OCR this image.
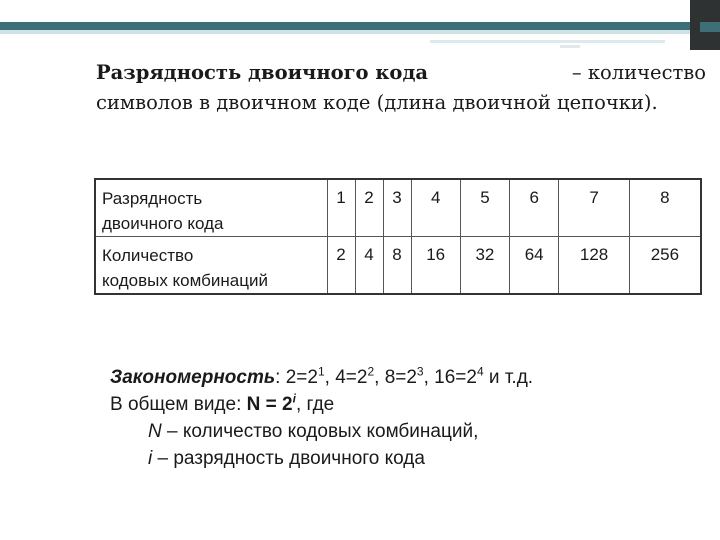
Разрядность двоичного кода	– количество
символов в двоичном коде (длина двоичной цепочки).
Разрядность
двоичного кода	1	2	3	4	5	6	7	8

Количество
кодовых комбинаций	2	4	8	16	32	64	128	256
Закономерность: $2=2^1$, $4=2^2$, $8=2^3$, $16=2^4$ и т.д.
В общем виде: $N = 2^i$, где
N – количество кодовых комбинаций,
i – разрядность двоичного кода
